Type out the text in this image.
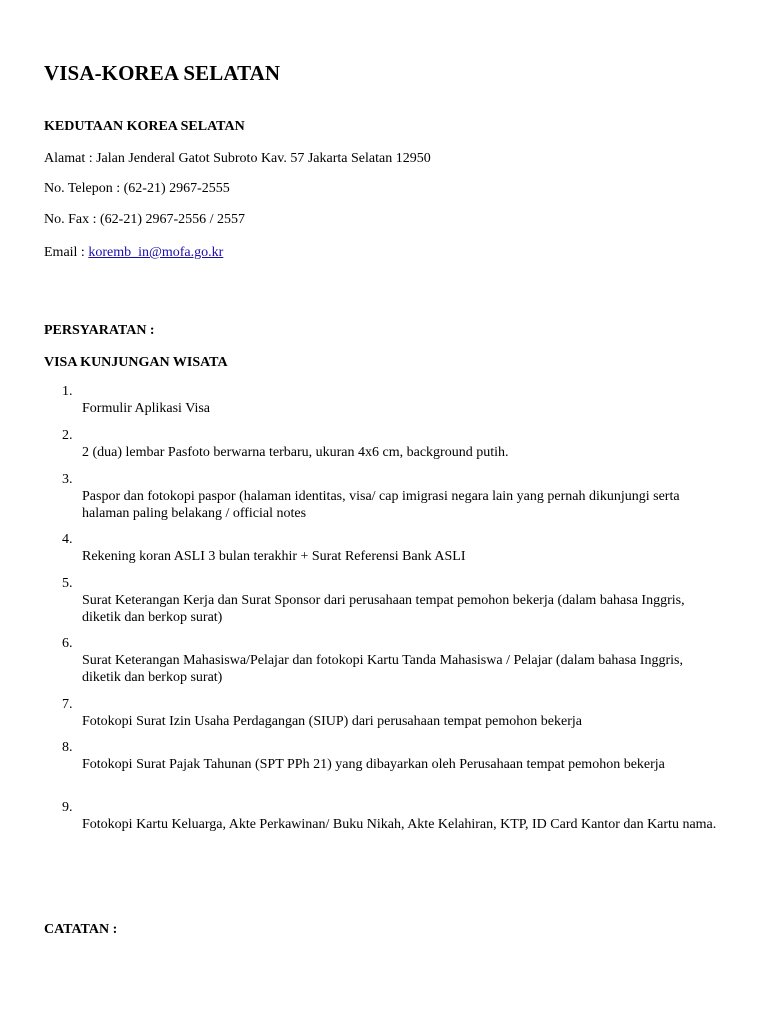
VISA-KOREA SELATAN
KEDUTAAN KOREA SELATAN
Alamat : Jalan Jenderal Gatot Subroto Kav. 57 Jakarta Selatan 12950
No. Telepon : (62-21) 2967-2555
No. Fax : (62-21) 2967-2556 / 2557
Email : koremb_in@mofa.go.kr
PERSYARATAN :
VISA KUNJUNGAN WISATA
1.
Formulir Aplikasi Visa
2.
2 (dua) lembar Pasfoto berwarna terbaru, ukuran 4x6 cm, background putih.
3.
Paspor dan fotokopi paspor (halaman identitas, visa/ cap imigrasi negara lain yang pernah dikunjungi serta halaman paling belakang / official notes
4.
Rekening koran ASLI 3 bulan terakhir + Surat Referensi Bank ASLI
5.
Surat Keterangan Kerja dan Surat Sponsor dari perusahaan tempat pemohon bekerja (dalam bahasa Inggris, diketik dan berkop surat)
6.
Surat Keterangan Mahasiswa/Pelajar dan fotokopi Kartu Tanda Mahasiswa / Pelajar (dalam bahasa Inggris, diketik dan berkop surat)
7.
Fotokopi Surat Izin Usaha Perdagangan (SIUP) dari perusahaan tempat pemohon bekerja
8.
Fotokopi Surat Pajak Tahunan (SPT PPh 21) yang dibayarkan oleh Perusahaan tempat pemohon bekerja
9.
Fotokopi Kartu Keluarga, Akte Perkawinan/ Buku Nikah, Akte Kelahiran, KTP, ID Card Kantor dan Kartu nama.
CATATAN :
